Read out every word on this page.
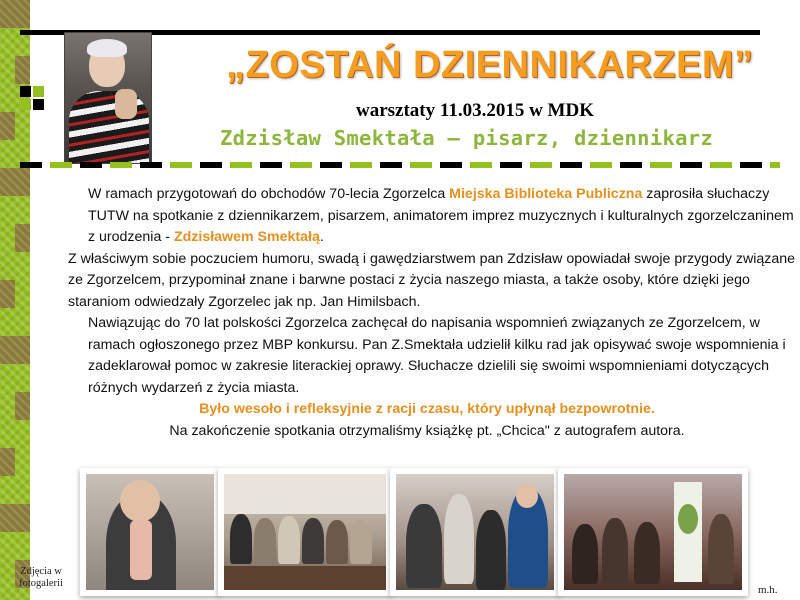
„ZOSTAŃ DZIENNIKARZEM”
warsztaty 11.03.2015 w MDK
Zdzisław Smektała – pisarz, dziennikarz

W ramach przygotowań do obchodów 70-lecia Zgorzelca Miejska Biblioteka Publiczna zaprosiła słuchaczy TUTW na spotkanie z dziennikarzem, pisarzem, animatorem imprez muzycznych i kulturalnych zgorzelczaninem z urodzenia - Zdzisławem Smektałą.

Z właściwym sobie poczuciem humoru, swadą i gawędziarstwem pan Zdzisław opowiadał swoje przygody związane ze Zgorzelcem, przypominał znane i barwne postaci z życia naszego miasta, a także osoby, które dzięki jego staraniom odwiedzały Zgorzelec jak np. Jan Himilsbach.

Nawiązując do 70 lat polskości Zgorzelca zachęcał do napisania wspomnień związanych ze Zgorzelcem, w ramach ogłoszonego przez MBP konkursu. Pan Z.Smektała udzielił kilku rad jak opisywać swoje wspomnienia i zadeklarował pomoc w zakresie literackiej oprawy. Słuchacze dzielili się swoimi wspomnieniami dotyczących różnych wydarzeń z życia miasta.

Było wesoło i refleksyjnie z racji czasu, który upłynął bezpowrotnie.

Na zakończenie spotkania otrzymaliśmy książkę pt. „Chcica" z autografem autora.

Zdjęcia w fotogalerii
m.h.
